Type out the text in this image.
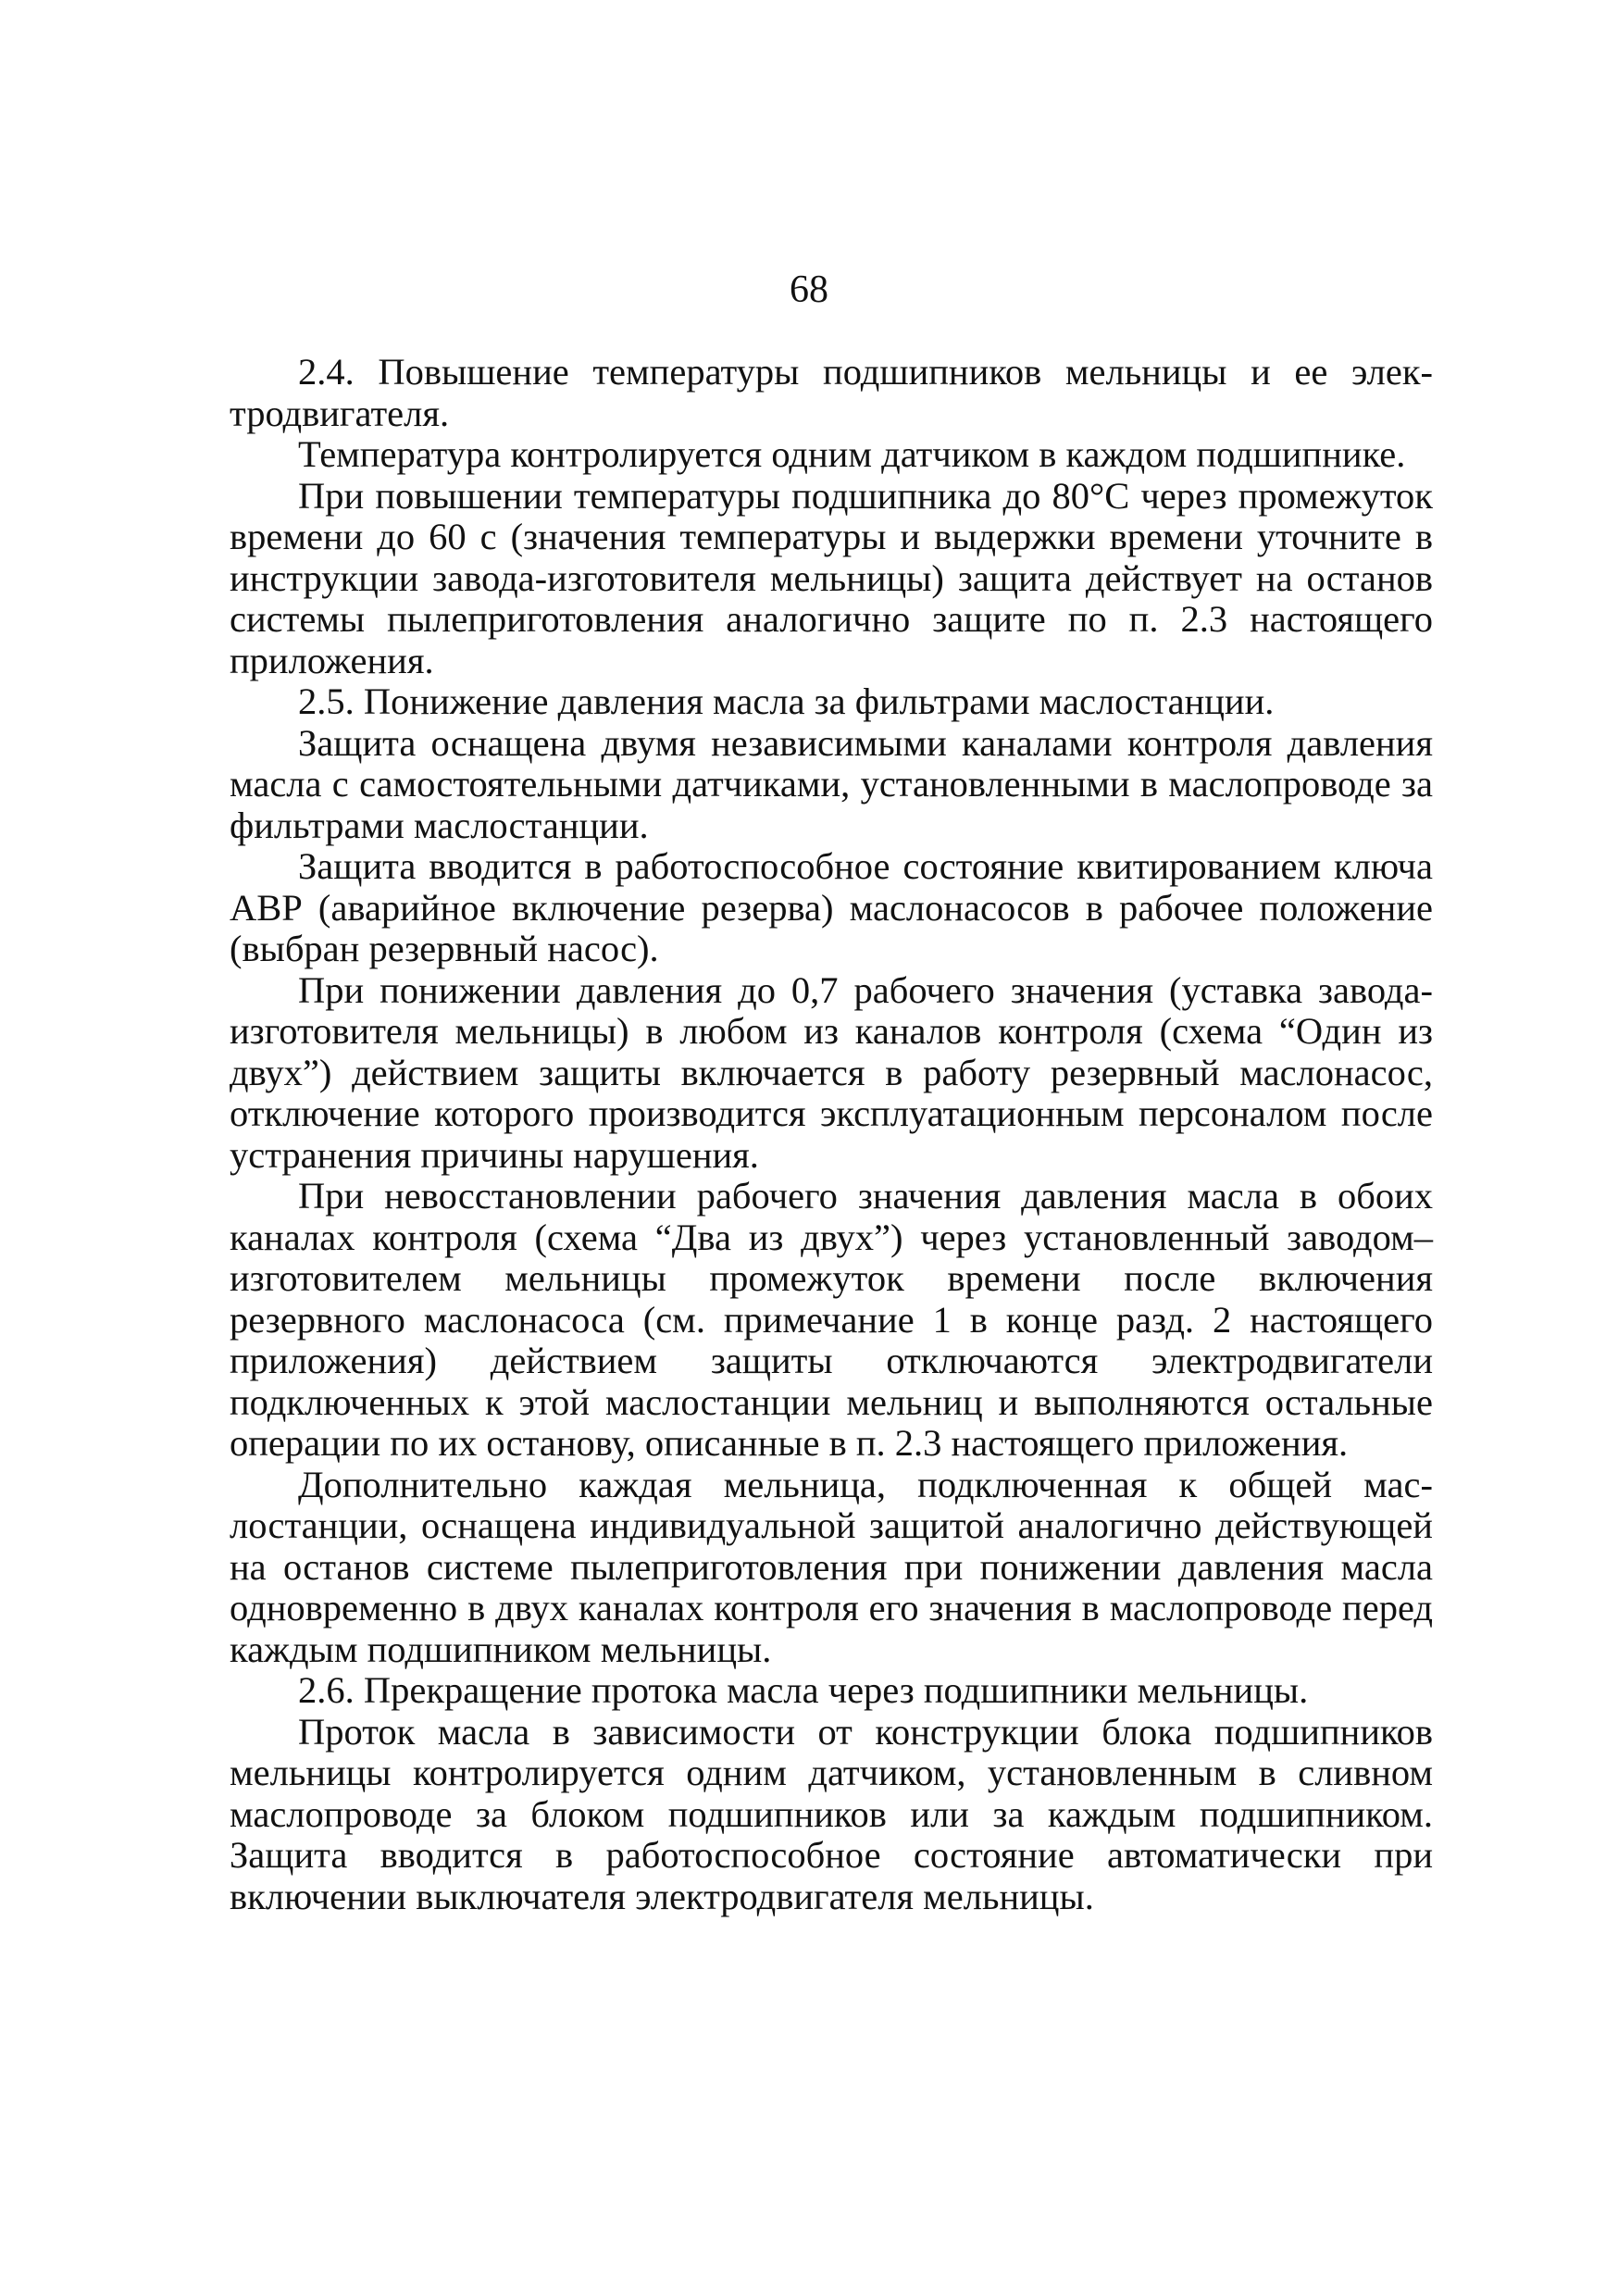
68

2.4. Повышение температуры подшипников мельницы и ее электродвигателя.

Температура контролируется одним датчиком в каждом подшипнике.

При повышении температуры подшипника до 80°C через промежуток времени до 60 с (значения температуры и выдержки времени уточните в инструкции завода-изготовителя мельницы) защита действует на останов системы пылеприготовления аналогично защите по п. 2.3 настоящего приложения.

2.5. Понижение давления масла за фильтрами маслостанции.

Защита оснащена двумя независимыми каналами контроля давления масла с самостоятельными датчиками, установленными в маслопроводе за фильтрами маслостанции.

Защита вводится в работоспособное состояние квитированием ключа АВР (аварийное включение резерва) маслонасосов в рабочее положение (выбран резервный насос).

При понижении давления до 0,7 рабочего значения (уставка завода-изготовителя мельницы) в любом из каналов контроля (схема “Один из двух”) действием защиты включается в работу резервный маслонасос, отключение которого производится эксплуатационным персоналом после устранения причины нарушения.

При невосстановлении рабочего значения давления масла в обоих каналах контроля (схема “Два из двух”) через установленный заводом–изготовителем мельницы промежуток времени после включения резервного маслонасоса (см. примечание 1 в конце разд. 2 настоящего приложения) действием защиты отключаются электродвигатели подключенных к этой маслостанции мельниц и выполняются остальные операции по их останову, описанные в п. 2.3 настоящего приложения.

Дополнительно каждая мельница, подключенная к общей маслостанции, оснащена индивидуальной защитой аналогично действующей на останов системе пылеприготовления при понижении давления масла одновременно в двух каналах контроля его значения в маслопроводе перед каждым подшипником мельницы.

2.6. Прекращение протока масла через подшипники мельницы.

Проток масла в зависимости от конструкции блока подшипников мельницы контролируется одним датчиком, установленным в сливном маслопроводе за блоком подшипников или за каждым подшипником. Защита вводится в работоспособное состояние автоматически при включении выключателя электродвигателя мельницы.
